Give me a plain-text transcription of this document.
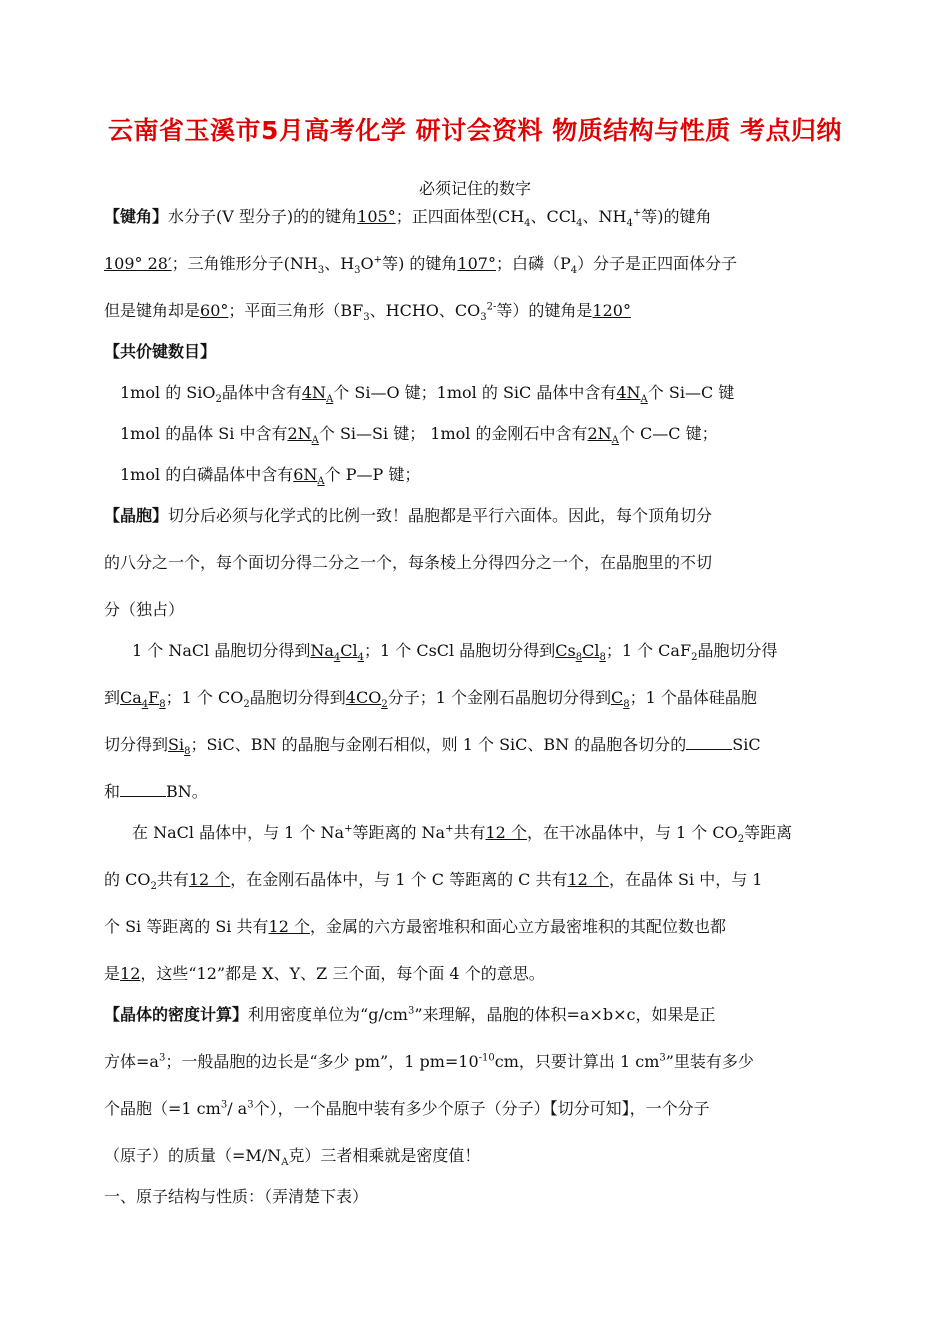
云南省玉溪市5月高考化学 研讨会资料 物质结构与性质 考点归纳
必须记住的数字
【键角】水分子(V 型分子)的的键角105°；正四面体型($CH_4$、CCl$_4$、$NH_4^+$等)的键角
109° 28′；三角锥形分子($NH_3$、$H_3O^+$等) 的键角107°；白磷$(P_4)$分子是正四面体分子
但是键角却是60°；平面三角形（$BF_3$、HCHO、$CO_3^{2-}$等）的键角是120°
【共价键数目】
1mol 的 SiO$_2$晶体中含有$4N_A$个 Si—O 键；1mol 的 SiC 晶体中含有$4N_A$个 Si—C 键
1mol 的晶体 Si 中含有$2N_A$个 Si—Si 键； 1mol 的金刚石中含有$2N_A$个 C—C 键；
1mol 的白磷晶体中含有$6N_A$个 P—P 键；
【晶胞】切分后必须与化学式的比例一致！晶胞都是平行六面体。因此，每个顶角切分
的八分之一个，每个面切分得二分之一个，每条棱上分得四分之一个，在晶胞里的不切
分（独占）
1 个 NaCl 晶胞切分得到$Na_4Cl_4$；1 个 CsCl 晶胞切分得到$Cs_8Cl_8$；1 个 CaF$_2$晶胞切分得
到$Ca_4F_8$；1 个 $CO_2$晶胞切分得到$4CO_2$分子；1 个金刚石晶胞切分得到$C_8$；1 个晶体硅晶胞
切分得到$Si_8$；SiC、BN 的晶胞与金刚石相似，则 1 个 SiC、BN 的晶胞各切分的	SiC
和	BN。
在 NaCl 晶体中，与 1 个 Na+等距离的 Na+共有12 个，在干冰晶体中，与 1 个 $CO_2$等距离
的 $CO_2$共有12 个，在金刚石晶体中，与 1 个 C 等距离的 C 共有12 个，在晶体 Si 中，与 1
个 Si 等距离的 Si 共有12 个，金属的六方最密堆积和面心立方最密堆积的其配位数也都
是12，这些“12”都是 X、Y、Z 三个面，每个面 4 个的意思。
【晶体的密度计算】利用密度单位为“$g/cm^3$”来理解，晶胞的体积=a×b×c，如果是正
方体$=a^3$；一般晶胞的边长是“多少 pm”，1 $pm=10^{-10}cm$，只要计算出 1 $cm^3$”里装有多少
个晶胞（=1 $cm^3/$ $a^3$个），一个晶胞中装有多少个原子（分子）【切分可知】，一个分子
（原子）的质量（$=M/N_A$克）三者相乘就是密度值！
一、原子结构与性质：（弄清楚下表）
